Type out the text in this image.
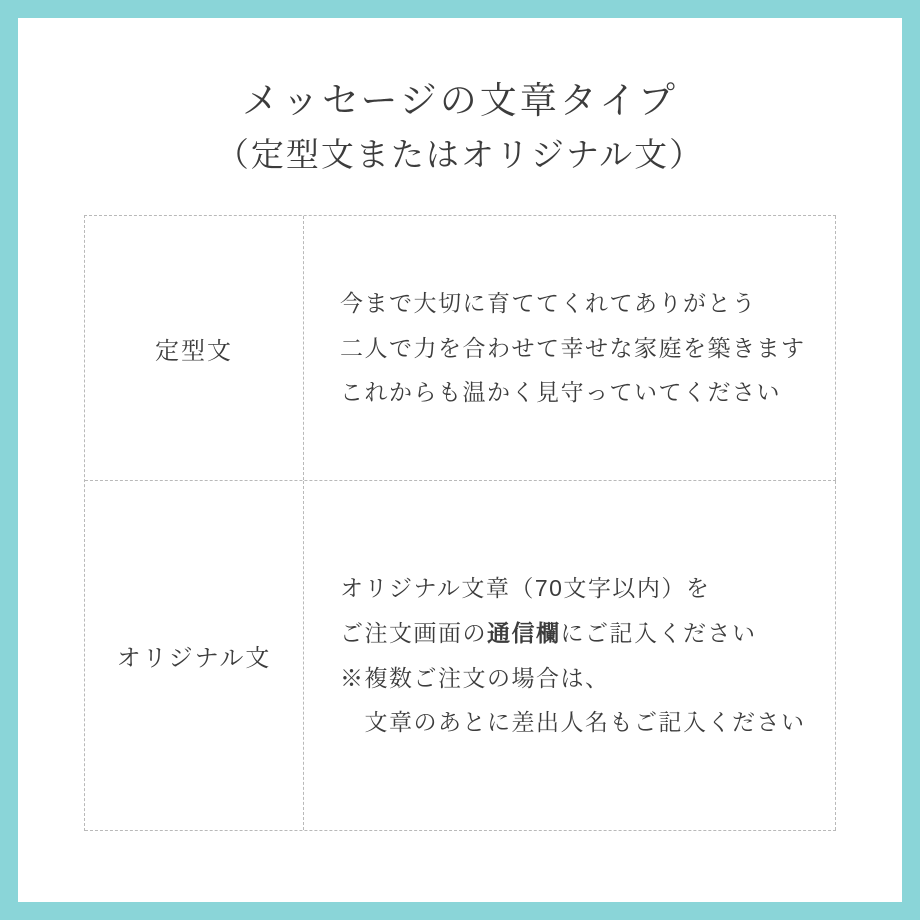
メッセージの文章タイプ
（定型文またはオリジナル文）
定型文
今まで大切に育ててくれてありがとう
二人で力を合わせて幸せな家庭を築きます
これからも温かく見守っていてください
オリジナル文
オリジナル文章（70文字以内）を
ご注文画面の通信欄にご記入ください
※複数ご注文の場合は、
　文章のあとに差出人名もご記入ください
